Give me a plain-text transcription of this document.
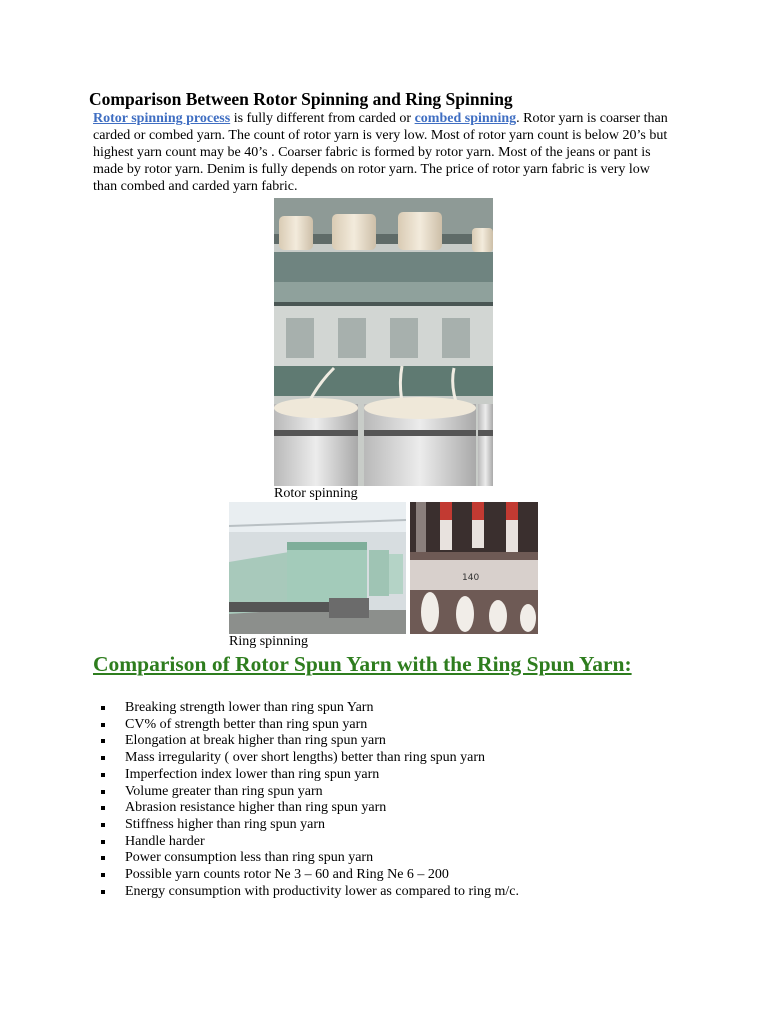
Comparison Between Rotor Spinning and Ring Spinning
Rotor spinning process is fully different from carded or combed spinning. Rotor yarn is coarser than carded or combed yarn. The count of rotor yarn is very low. Most of rotor yarn count is below 20’s but highest yarn count may be 40’s . Coarser fabric is formed by rotor yarn. Most of the jeans or pant is made by rotor yarn. Denim is fully depends on rotor yarn. The price of rotor yarn fabric is very low than combed and carded yarn fabric.
Rotor spinning
140
Ring spinning
Comparison of Rotor Spun Yarn with the Ring Spun Yarn:
Breaking strength lower than ring spun Yarn
CV% of strength better than ring spun yarn
Elongation at break higher than ring spun yarn
Mass irregularity ( over short lengths) better than ring spun yarn
Imperfection index lower than ring spun yarn
Volume greater than ring spun yarn
Abrasion resistance higher than ring spun yarn
Stiffness higher than ring spun yarn
Handle harder
Power consumption less than ring spun yarn
Possible yarn counts rotor Ne 3 – 60 and Ring Ne 6 – 200
Energy consumption with productivity lower as compared to ring m/c.
